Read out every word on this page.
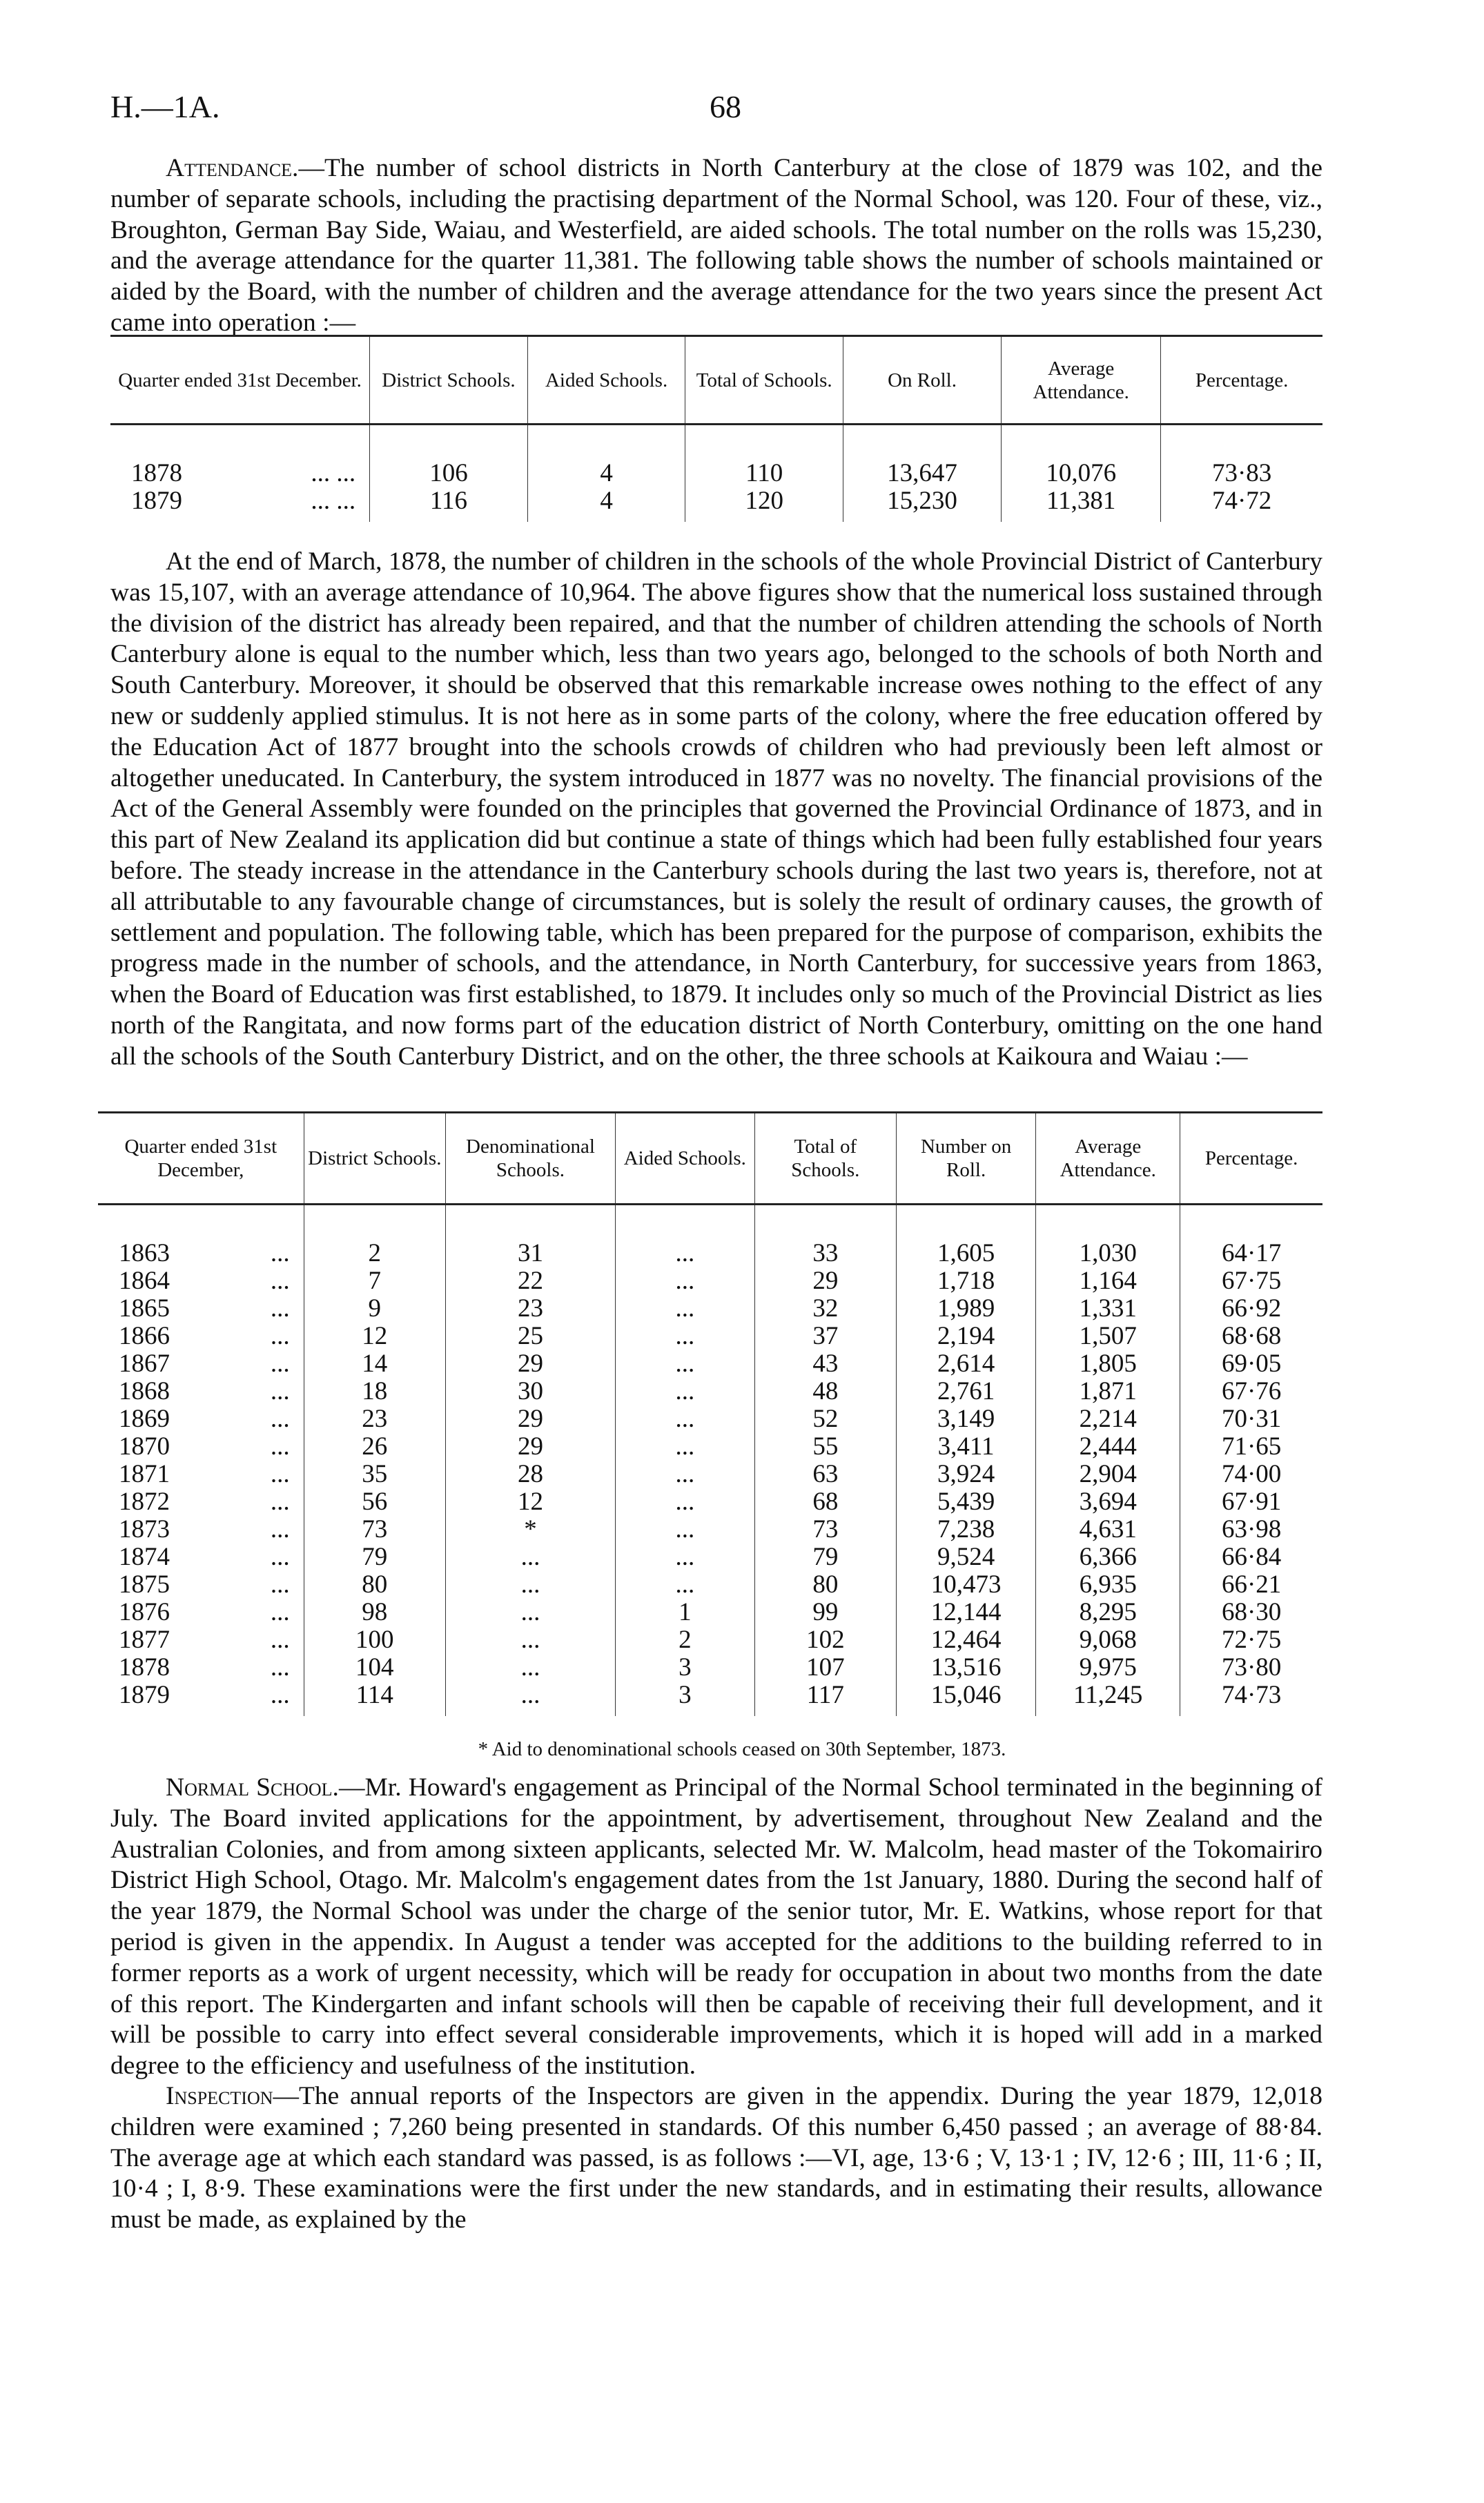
H.—1A.	68
Attendance.—The number of school districts in North Canterbury at the close of 1879 was 102, and the number of separate schools, including the practising department of the Normal School, was 120. Four of these, viz., Broughton, German Bay Side, Waiau, and Westerfield, are aided schools. The total number on the rolls was 15,230, and the average attendance for the quarter 11,381. The following table shows the number of schools maintained or aided by the Board, with the number of children and the average attendance for the two years since the present Act came into operation :—
Quarter ended 31st December.	District Schools.	Aided Schools.	Total of Schools.	On Roll.	Average Attendance.	Percentage.
1878 ... ...	106	4	110	13,647	10,076	73·83
1879 ... ...	116	4	120	15,230	11,381	74·72
At the end of March, 1878, the number of children in the schools of the whole Provincial District of Canterbury was 15,107, with an average attendance of 10,964. The above figures show that the numerical loss sustained through the division of the district has already been repaired, and that the number of children attending the schools of North Canterbury alone is equal to the number which, less than two years ago, belonged to the schools of both North and South Canterbury. Moreover, it should be observed that this remarkable increase owes nothing to the effect of any new or suddenly applied stimulus. It is not here as in some parts of the colony, where the free education offered by the Education Act of 1877 brought into the schools crowds of children who had previously been left almost or altogether uneducated. In Canterbury, the system introduced in 1877 was no novelty. The financial provisions of the Act of the General Assembly were founded on the principles that governed the Provincial Ordinance of 1873, and in this part of New Zealand its application did but continue a state of things which had been fully established four years before. The steady increase in the attendance in the Canterbury schools during the last two years is, therefore, not at all attributable to any favourable change of circumstances, but is solely the result of ordinary causes, the growth of settlement and population. The following table, which has been prepared for the purpose of comparison, exhibits the progress made in the number of schools, and the attendance, in North Canterbury, for successive years from 1863, when the Board of Education was first established, to 1879. It includes only so much of the Provincial District as lies north of the Rangitata, and now forms part of the education district of North Conterbury, omitting on the one hand all the schools of the South Canterbury District, and on the other, the three schools at Kaikoura and Waiau :—
Quarter ended 31st December,	District Schools.	Denominational Schools.	Aided Schools.	Total of Schools.	Number on Roll.	Average Attendance.	Percentage.
1863 ...	2	31	...	33	1,605	1,030	64·17
1864 ...	7	22	...	29	1,718	1,164	67·75
1865 ...	9	23	...	32	1,989	1,331	66·92
1866 ...	12	25	...	37	2,194	1,507	68·68
1867 ...	14	29	...	43	2,614	1,805	69·05
1868 ...	18	30	...	48	2,761	1,871	67·76
1869 ...	23	29	...	52	3,149	2,214	70·31
1870 ...	26	29	...	55	3,411	2,444	71·65
1871 ...	35	28	...	63	3,924	2,904	74·00
1872 ...	56	12	...	68	5,439	3,694	67·91
1873 ...	73	*	...	73	7,238	4,631	63·98
1874 ...	79	...	...	79	9,524	6,366	66·84
1875 ...	80	...	...	80	10,473	6,935	66·21
1876 ...	98	...	1	99	12,144	8,295	68·30
1877 ...	100	...	2	102	12,464	9,068	72·75
1878 ...	104	...	3	107	13,516	9,975	73·80
1879 ...	114	...	3	117	15,046	11,245	74·73
* Aid to denominational schools ceased on 30th September, 1873.
Normal School.—Mr. Howard's engagement as Principal of the Normal School terminated in the beginning of July. The Board invited applications for the appointment, by advertisement, throughout New Zealand and the Australian Colonies, and from among sixteen applicants, selected Mr. W. Malcolm, head master of the Tokomairiro District High School, Otago. Mr. Malcolm's engagement dates from the 1st January, 1880. During the second half of the year 1879, the Normal School was under the charge of the senior tutor, Mr. E. Watkins, whose report for that period is given in the appendix. In August a tender was accepted for the additions to the building referred to in former reports as a work of urgent necessity, which will be ready for occupation in about two months from the date of this report. The Kindergarten and infant schools will then be capable of receiving their full development, and it will be possible to carry into effect several considerable improvements, which it is hoped will add in a marked degree to the efficiency and usefulness of the institution.
Inspection—The annual reports of the Inspectors are given in the appendix. During the year 1879, 12,018 children were examined ; 7,260 being presented in standards. Of this number 6,450 passed ; an average of 88·84. The average age at which each standard was passed, is as follows :—VI, age, 13·6 ; V, 13·1 ; IV, 12·6 ; III, 11·6 ; II, 10·4 ; I, 8·9. These examinations were the first under the new standards, and in estimating their results, allowance must be made, as explained by the
